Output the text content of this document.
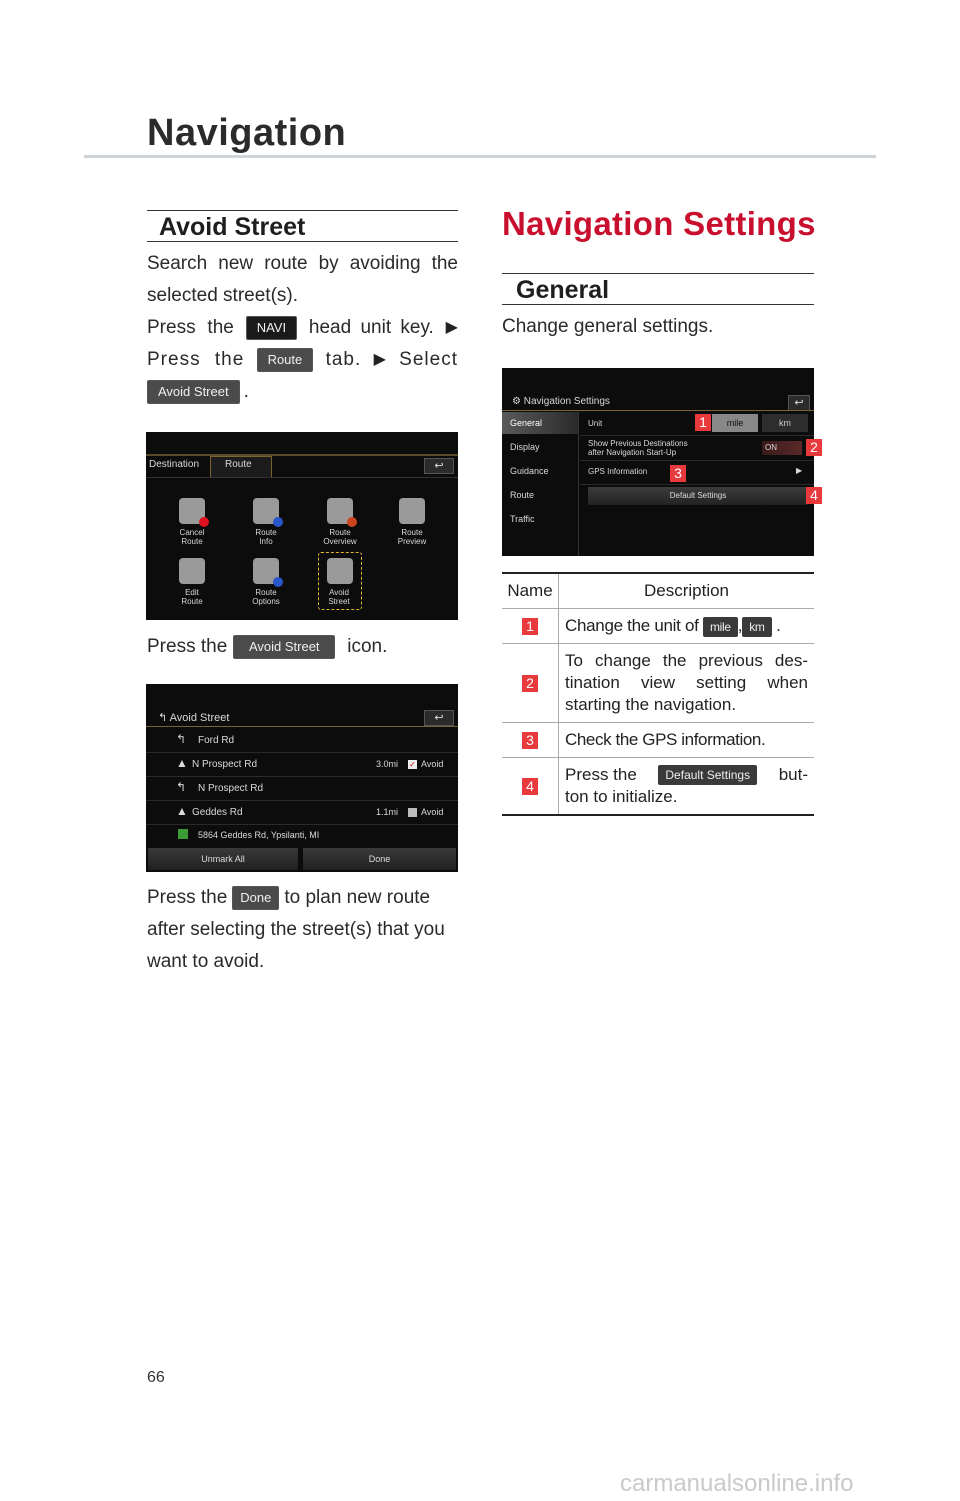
Navigation
Avoid Street
Search new route by avoiding the
selected street(s).
Press the	NAVI	head unit key. ▶
Press the	Route	tab. ▶ Select
Avoid Street .
Destination	Route	↩
Cancel
Route
Route
Info
Route
Overview
Route
Preview
Edit
Route
Route
Options
Avoid
Street
Press the	Avoid Street	icon.
↰ Avoid Street	↩
↰ Ford Rd
▲ N Prospect Rd	3.0mi ✓ Avoid
↰ N Prospect Rd
▲ Geddes Rd	1.1mi	Avoid
5864 Geddes Rd, Ypsilanti, MI
Unmark All	Done
Press the	Done to plan new route
after selecting the street(s) that you
want to avoid.
Navigation Settings
General
Change general settings.
⚙ Navigation Settings	↩
General
Display
Guidance
Route
Traffic
Unit	mile	km
Show Previous Destinations
after Navigation Start-Up
ON
GPS Information	▶
Default Settings
1
3
2
4
Name	Description
1	Change the unit of mile , km .
2	To change the previous des-
tination view setting when
starting the navigation.

3	Check the GPS information.
4	Press the Default Settings but-
ton to initialize.
66
carmanualsonline.info
